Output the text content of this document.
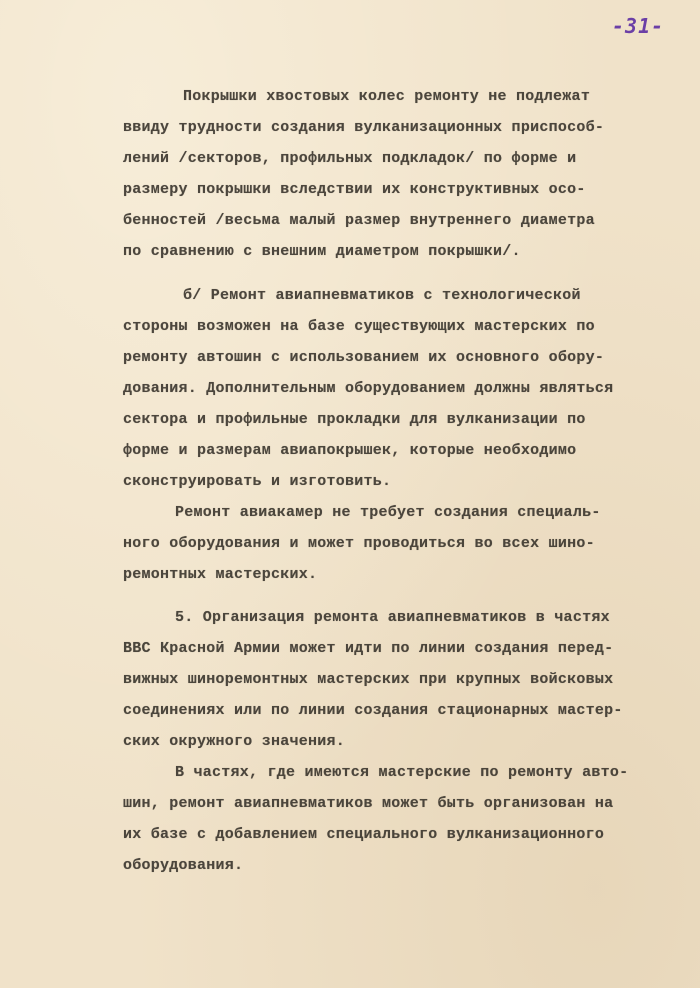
-31-
Покрышки хвостовых колес ремонту не подлежат
ввиду трудности создания вулканизационных приспособ-
лений /секторов, профильных подкладок/ по форме и
размеру покрышки вследствии их конструктивных осо-
бенностей /весьма малый размер внутреннего диаметра
по сравнению с внешним диаметром покрышки/.
б/ Ремонт авиапневматиков с технологической
стороны возможен на базе существующих мастерских по
ремонту автошин с использованием их основного обору-
дования. Дополнительным оборудованием должны являться
сектора и профильные прокладки для вулканизации по
форме и размерам авиапокрышек, которые необходимо
сконструировать и изготовить.
Ремонт авиакамер не требует создания специаль-
ного оборудования и может проводиться во всех шино-
ремонтных мастерских.
5. Организация ремонта авиапневматиков в частях
ВВС Красной Армии может идти по линии создания перед-
вижных шиноремонтных мастерских при крупных войсковых
соединениях или по линии создания стационарных мастер-
ских окружного значения.
В частях, где имеются мастерские по ремонту авто-
шин, ремонт авиапневматиков может быть организован на
их базе с добавлением специального вулканизационного
оборудования.
